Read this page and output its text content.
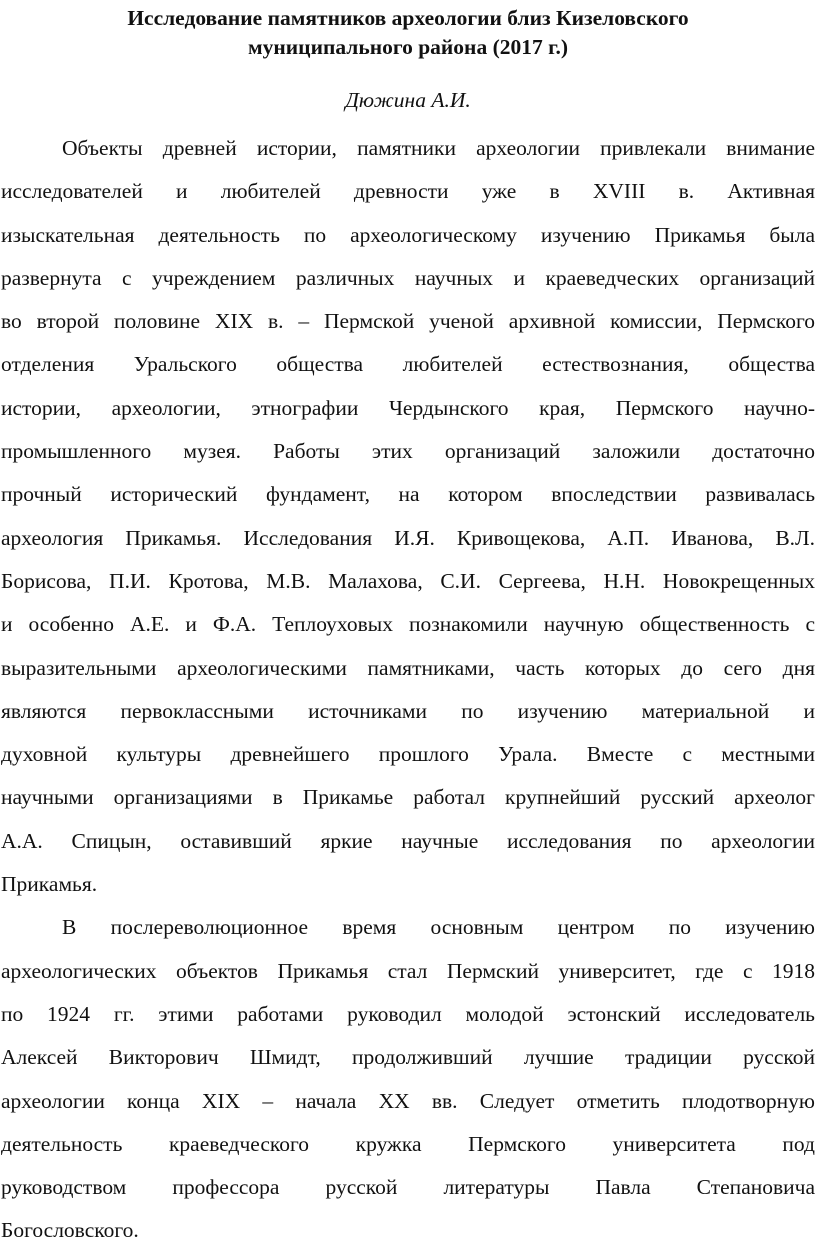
Исследование памятников археологии близ Кизеловского
муниципального района (2017 г.)
Дюжина А.И.
Объекты древней истории, памятники археологии привлекали внимание
исследователей и любителей древности уже в XVIII в. Активная
изыскательная деятельность по археологическому изучению Прикамья была
развернута с учреждением различных научных и краеведческих организаций
во второй половине XIX в. – Пермской ученой архивной комиссии, Пермского
отделения Уральского общества любителей естествознания, общества
истории, археологии, этнографии Чердынского края, Пермского научно-
промышленного музея. Работы этих организаций заложили достаточно
прочный исторический фундамент, на котором впоследствии развивалась
археология Прикамья. Исследования И.Я. Кривощекова, А.П. Иванова, В.Л.
Борисова, П.И. Кротова, М.В. Малахова, С.И. Сергеева, Н.Н. Новокрещенных
и особенно А.Е. и Ф.А. Теплоуховых познакомили научную общественность с
выразительными археологическими памятниками, часть которых до сего дня
являются первоклассными источниками по изучению материальной и
духовной культуры древнейшего прошлого Урала. Вместе с местными
научными организациями в Прикамье работал крупнейший русский археолог
А.А. Спицын, оставивший яркие научные исследования по археологии
Прикамья.
В послереволюционное время основным центром по изучению
археологических объектов Прикамья стал Пермский университет, где с 1918
по 1924 гг. этими работами руководил молодой эстонский исследователь
Алексей Викторович Шмидт, продолживший лучшие традиции русской
археологии конца XIX – начала XX вв. Следует отметить плодотворную
деятельность краеведческого кружка Пермского университета под
руководством профессора русской литературы Павла Степановича
Богословского.
